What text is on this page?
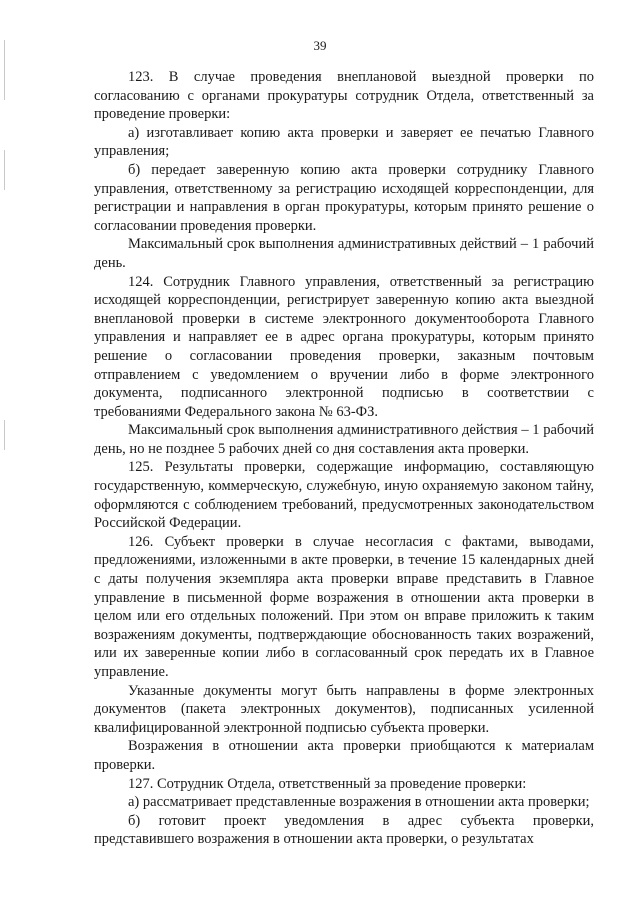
39

123. В случае проведения внеплановой выездной проверки по согласованию с органами прокуратуры сотрудник Отдела, ответственный за проведение проверки:

а) изготавливает копию акта проверки и заверяет ее печатью Главного управления;

б) передает заверенную копию акта проверки сотруднику Главного управления, ответственному за регистрацию исходящей корреспонденции, для регистрации и направления в орган прокуратуры, которым принято решение о согласовании проведения проверки.

Максимальный срок выполнения административных действий – 1 рабочий день.

124. Сотрудник Главного управления, ответственный за регистрацию исходящей корреспонденции, регистрирует заверенную копию акта выездной внеплановой проверки в системе электронного документооборота Главного управления и направляет ее в адрес органа прокуратуры, которым принято решение о согласовании проведения проверки, заказным почтовым отправлением с уведомлением о вручении либо в форме электронного документа, подписанного электронной подписью в соответствии с требованиями Федерального закона № 63-ФЗ.

Максимальный срок выполнения административного действия – 1 рабочий день, но не позднее 5 рабочих дней со дня составления акта проверки.

125. Результаты проверки, содержащие информацию, составляющую государственную, коммерческую, служебную, иную охраняемую законом тайну, оформляются с соблюдением требований, предусмотренных законодательством Российской Федерации.

126. Субъект проверки в случае несогласия с фактами, выводами, предложениями, изложенными в акте проверки, в течение 15 календарных дней с даты получения экземпляра акта проверки вправе представить в Главное управление в письменной форме возражения в отношении акта проверки в целом или его отдельных положений. При этом он вправе приложить к таким возражениям документы, подтверждающие обоснованность таких возражений, или их заверенные копии либо в согласованный срок передать их в Главное управление.

Указанные документы могут быть направлены в форме электронных документов (пакета электронных документов), подписанных усиленной квалифицированной электронной подписью субъекта проверки.

Возражения в отношении акта проверки приобщаются к материалам проверки.

127. Сотрудник Отдела, ответственный за проведение проверки:

а) рассматривает представленные возражения в отношении акта проверки;

б) готовит проект уведомления в адрес субъекта проверки, представившего возражения в отношении акта проверки, о результатах
